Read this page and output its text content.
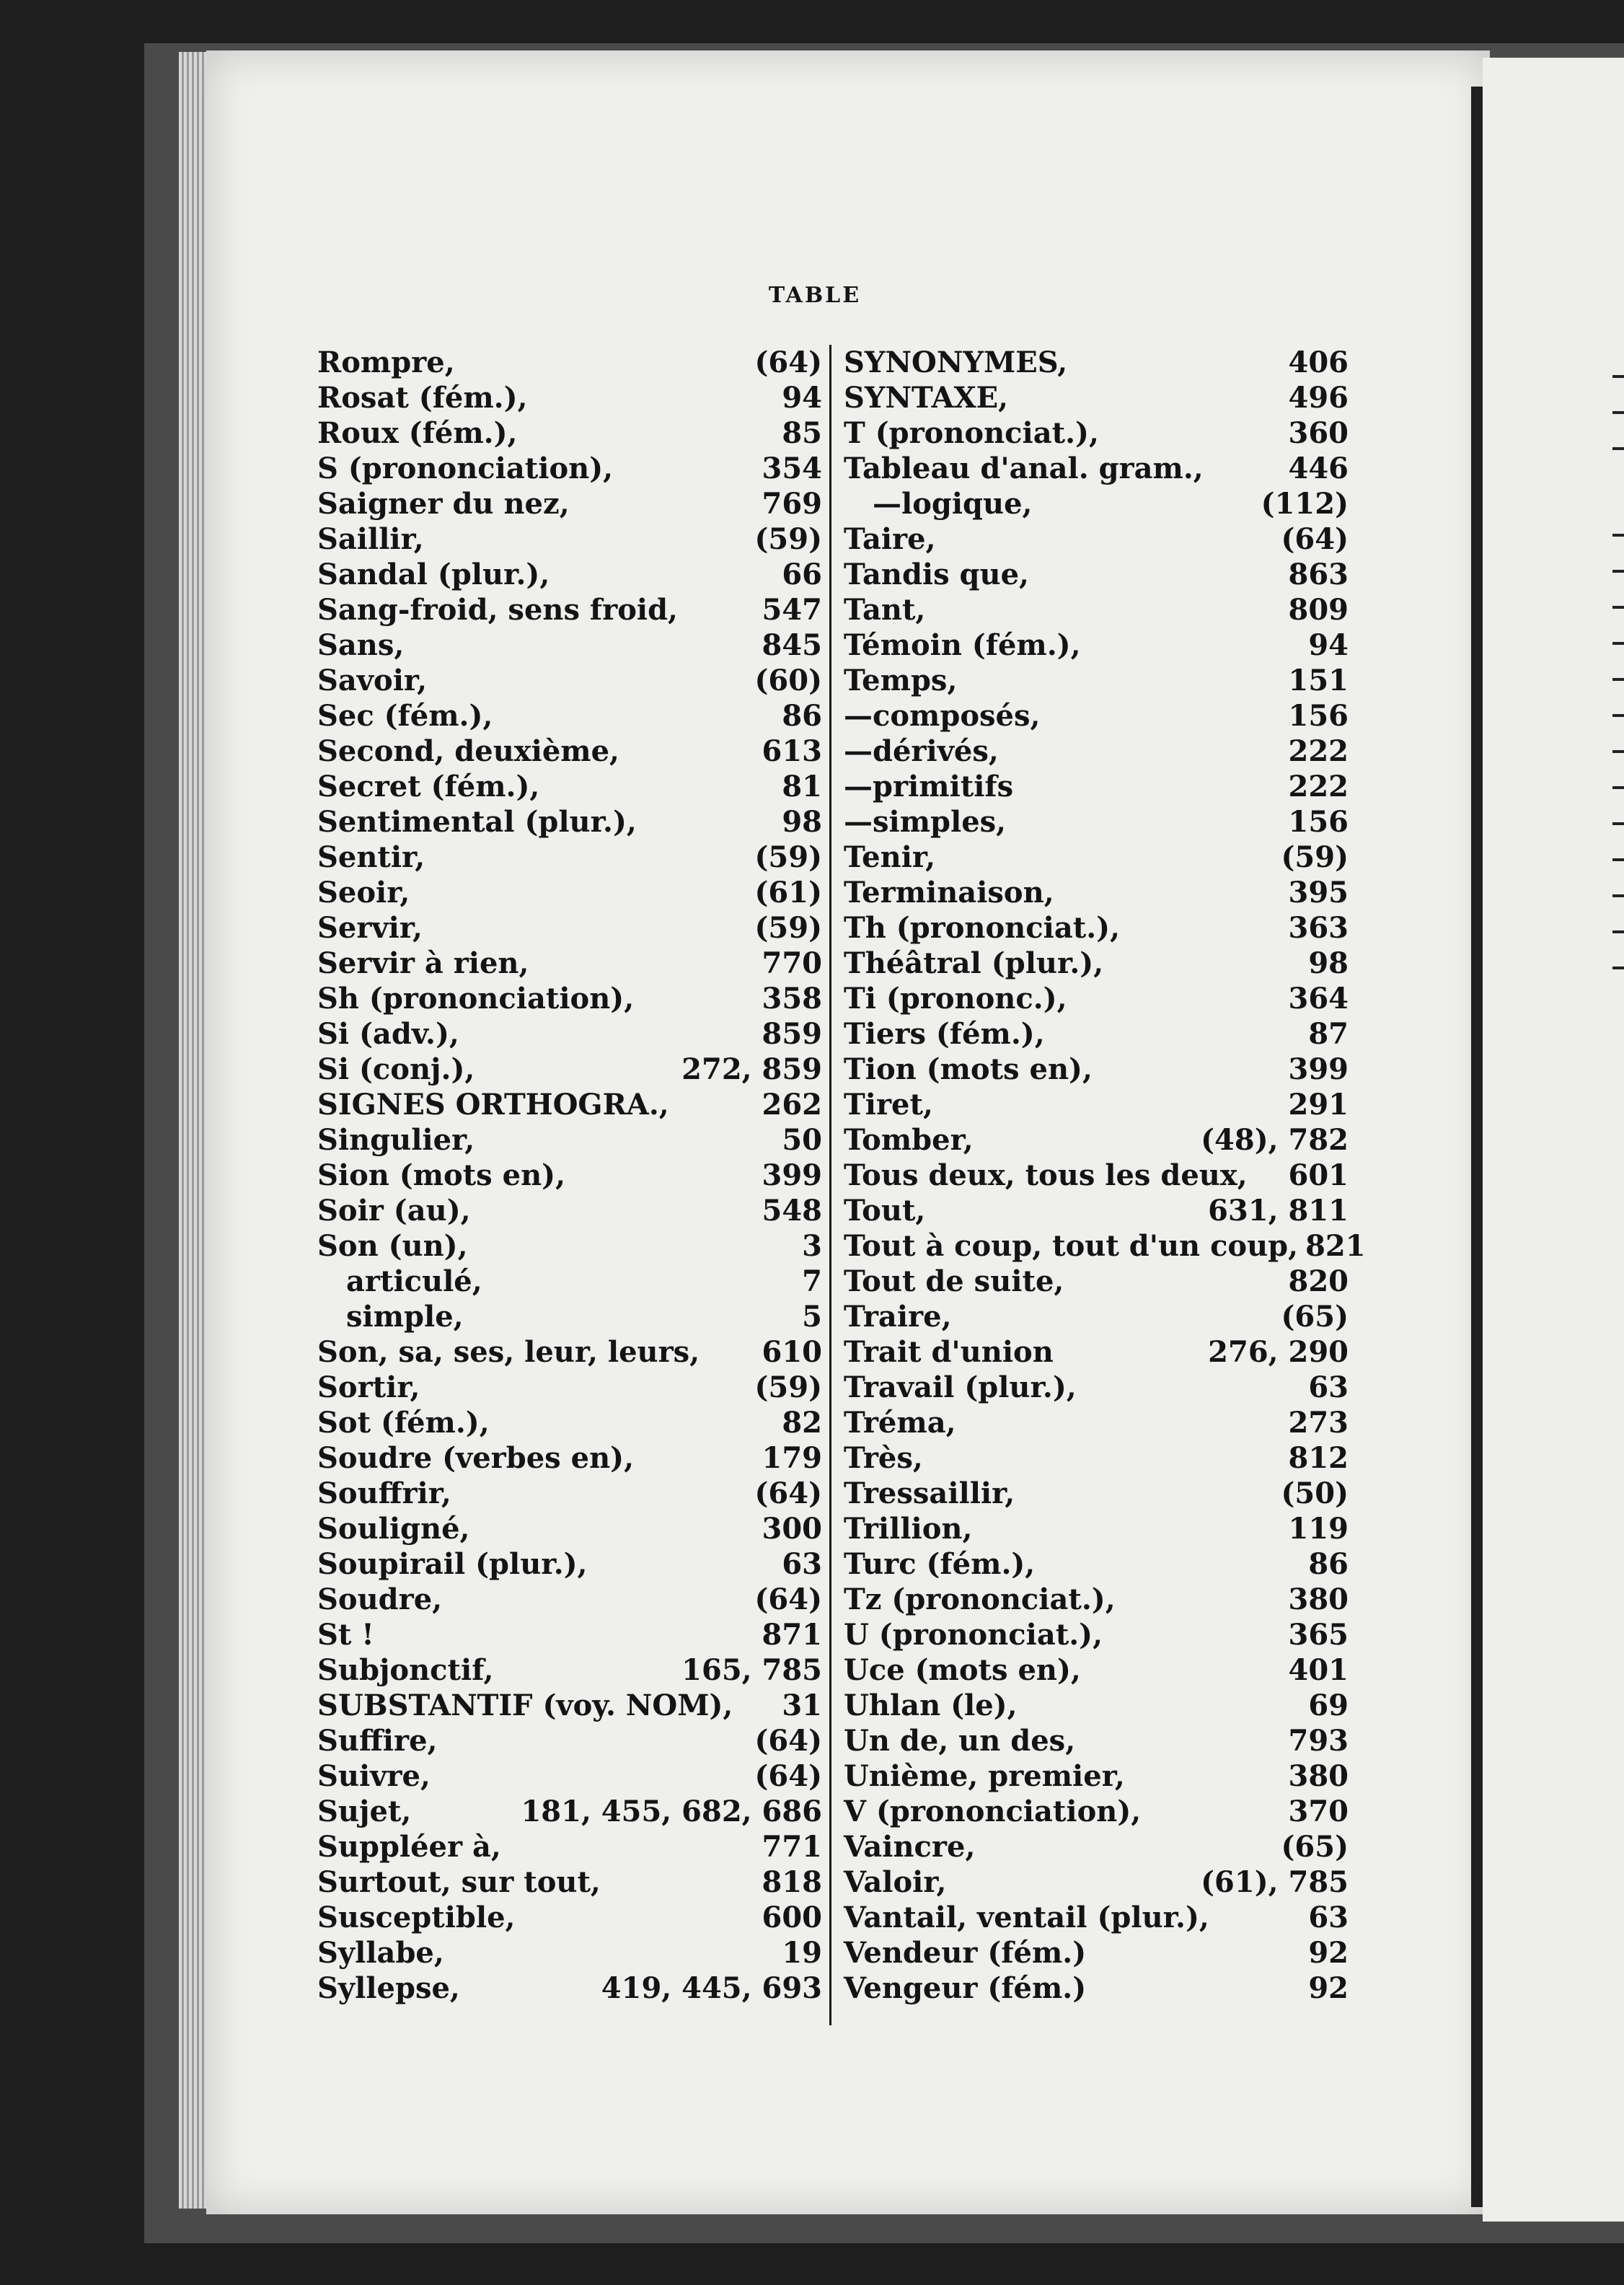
TABLE
Rompre,	(64)
Rosat (fém.),	94
Roux (fém.),	85
S (prononciation),	354
Saigner du nez,	769
Saillir,	(59)
Sandal (plur.),	66
Sang-froid, sens froid,	547
Sans,	845
Savoir,	(60)
Sec (fém.),	86
Second, deuxième,	613
Secret (fém.),	81
Sentimental (plur.),	98
Sentir,	(59)
Seoir,	(61)
Servir,	(59)
Servir à rien,	770
Sh (prononciation),	358
Si (adv.),	859
Si (conj.),	272, 859
SIGNES ORTHOGRA.,	262
Singulier,	50
Sion (mots en),	399
Soir (au),	548
Son (un),	3
articulé,	7
simple,	5
Son, sa, ses, leur, leurs, 610
Sortir,	(59)
Sot (fém.),	82
Soudre (verbes en),	179
Souffrir,	(64)
Souligné,	300
Soupirail (plur.),	63
Soudre,	(64)
St !	871
Subjonctif,	165, 785
SUBSTANTIF (voy. NOM), 31
Suffire,	(64)
Suivre,	(64)
Sujet,	181, 455, 682, 686
Suppléer à,	771
Surtout, sur tout,	818
Susceptible,	600
Syllabe,	19
Syllepse,	419, 445, 693
SYNONYMES,	406
SYNTAXE,	496
T (prononciat.),	360
Tableau d'anal. gram.,	446
—logique,	(112)
Taire,	(64)
Tandis que,	863
Tant,	809
Témoin (fém.),	94
Temps,	151
—composés,	156
—dérivés,	222
—primitifs	222
—simples,	156
Tenir,	(59)
Terminaison,	395
Th (prononciat.),	363
Théâtral (plur.),	98
Ti (prononc.),	364
Tiers (fém.),	87
Tion (mots en),	399
Tiret,	291
Tomber,	(48), 782
Tous deux, tous les deux, 601
Tout,	631, 811
Tout à coup, tout d'un coup, 821
Tout de suite,	820
Traire,	(65)
Trait d'union	276, 290
Travail (plur.),	63
Tréma,	273
Très,	812
Tressaillir,	(50)
Trillion,	119
Turc (fém.),	86
Tz (prononciat.),	380
U (prononciat.),	365
Uce (mots en),	401
Uhlan (le),	69
Un de, un des,	793
Unième, premier,	380
V (prononciation),	370
Vaincre,	(65)
Valoir,	(61), 785
Vantail, ventail (plur.),	63
Vendeur (fém.)	92
Vengeur (fém.)	92
